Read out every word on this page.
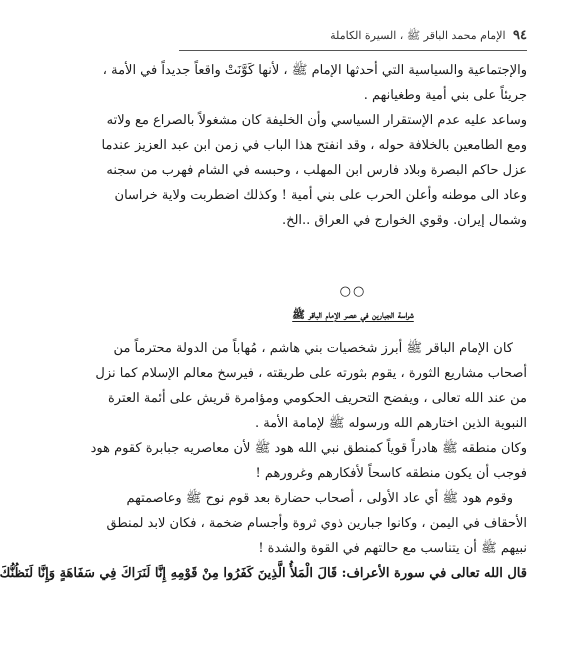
٩٤ الإمام محمد الباقر ﷺ ، السيرة الكاملة
والإجتماعية والسياسية التي أحدثها الإمام ﷺ ، لأنها كَوَّنَتْ واقعاً جديداً في الأمة ،
جريئاً على بني أمية وطغيانهم .
وساعد عليه عدم الإستقرار السياسي وأن الخليفة كان مشغولاً بالصراع مع ولاته
ومع الطامعين بالخلافة حوله ، وقد انفتح هذا الباب في زمن ابن عبد العزيز عندما
عزل حاكم البصرة وبلاد فارس ابن المهلب ، وحبسه في الشام فهرب من سجنه
وعاد الى موطنه وأعلن الحرب على بني أمية ! وكذلك اضطربت ولاية خراسان
وشمال إيران. وقوي الخوارج في العراق ..الخ.
○○
شراسة الجبارين في عصر الإمام الباقر ﷺ
كان الإمام الباقر ﷺ أبرز شخصيات بني هاشم ، مُهاباً من الدولة محترماً من
أصحاب مشاريع الثورة ، يقوم بثورته على طريقته ، فيرسخ معالم الإسلام كما نزل
من عند الله تعالى ، ويفضح التحريف الحكومي ومؤامرة قريش على أئمة العترة
النبوية الذين اختارهم الله ورسوله ﷺ لإمامة الأمة .
وكان منطقه ﷺ هادراً قوياً كمنطق نبي الله هود ﷺ لأن معاصريه جبابرة كقوم هود
فوجب أن يكون منطقه كاسحاً لأفكارهم وغرورهم !
وقوم هود ﷺ أي عاد الأولى ، أصحاب حضارة بعد قوم نوح ﷺ وعاصمتهم
الأحقاف في اليمن ، وكانوا جبارين ذوي ثروة وأجسام ضخمة ، فكان لابد لمنطق
نبيهم ﷺ أن يتناسب مع حالتهم في القوة والشدة !
قال الله تعالى في سورة الأعراف: قَالَ الْمَلأُ الَّذِينَ كَفَرُوا مِنْ قَوْمِهِ إِنَّا لَنَرَاكَ فِي سَفَاهَةٍ وَإِنَّا لَنَظُنُّكَ
